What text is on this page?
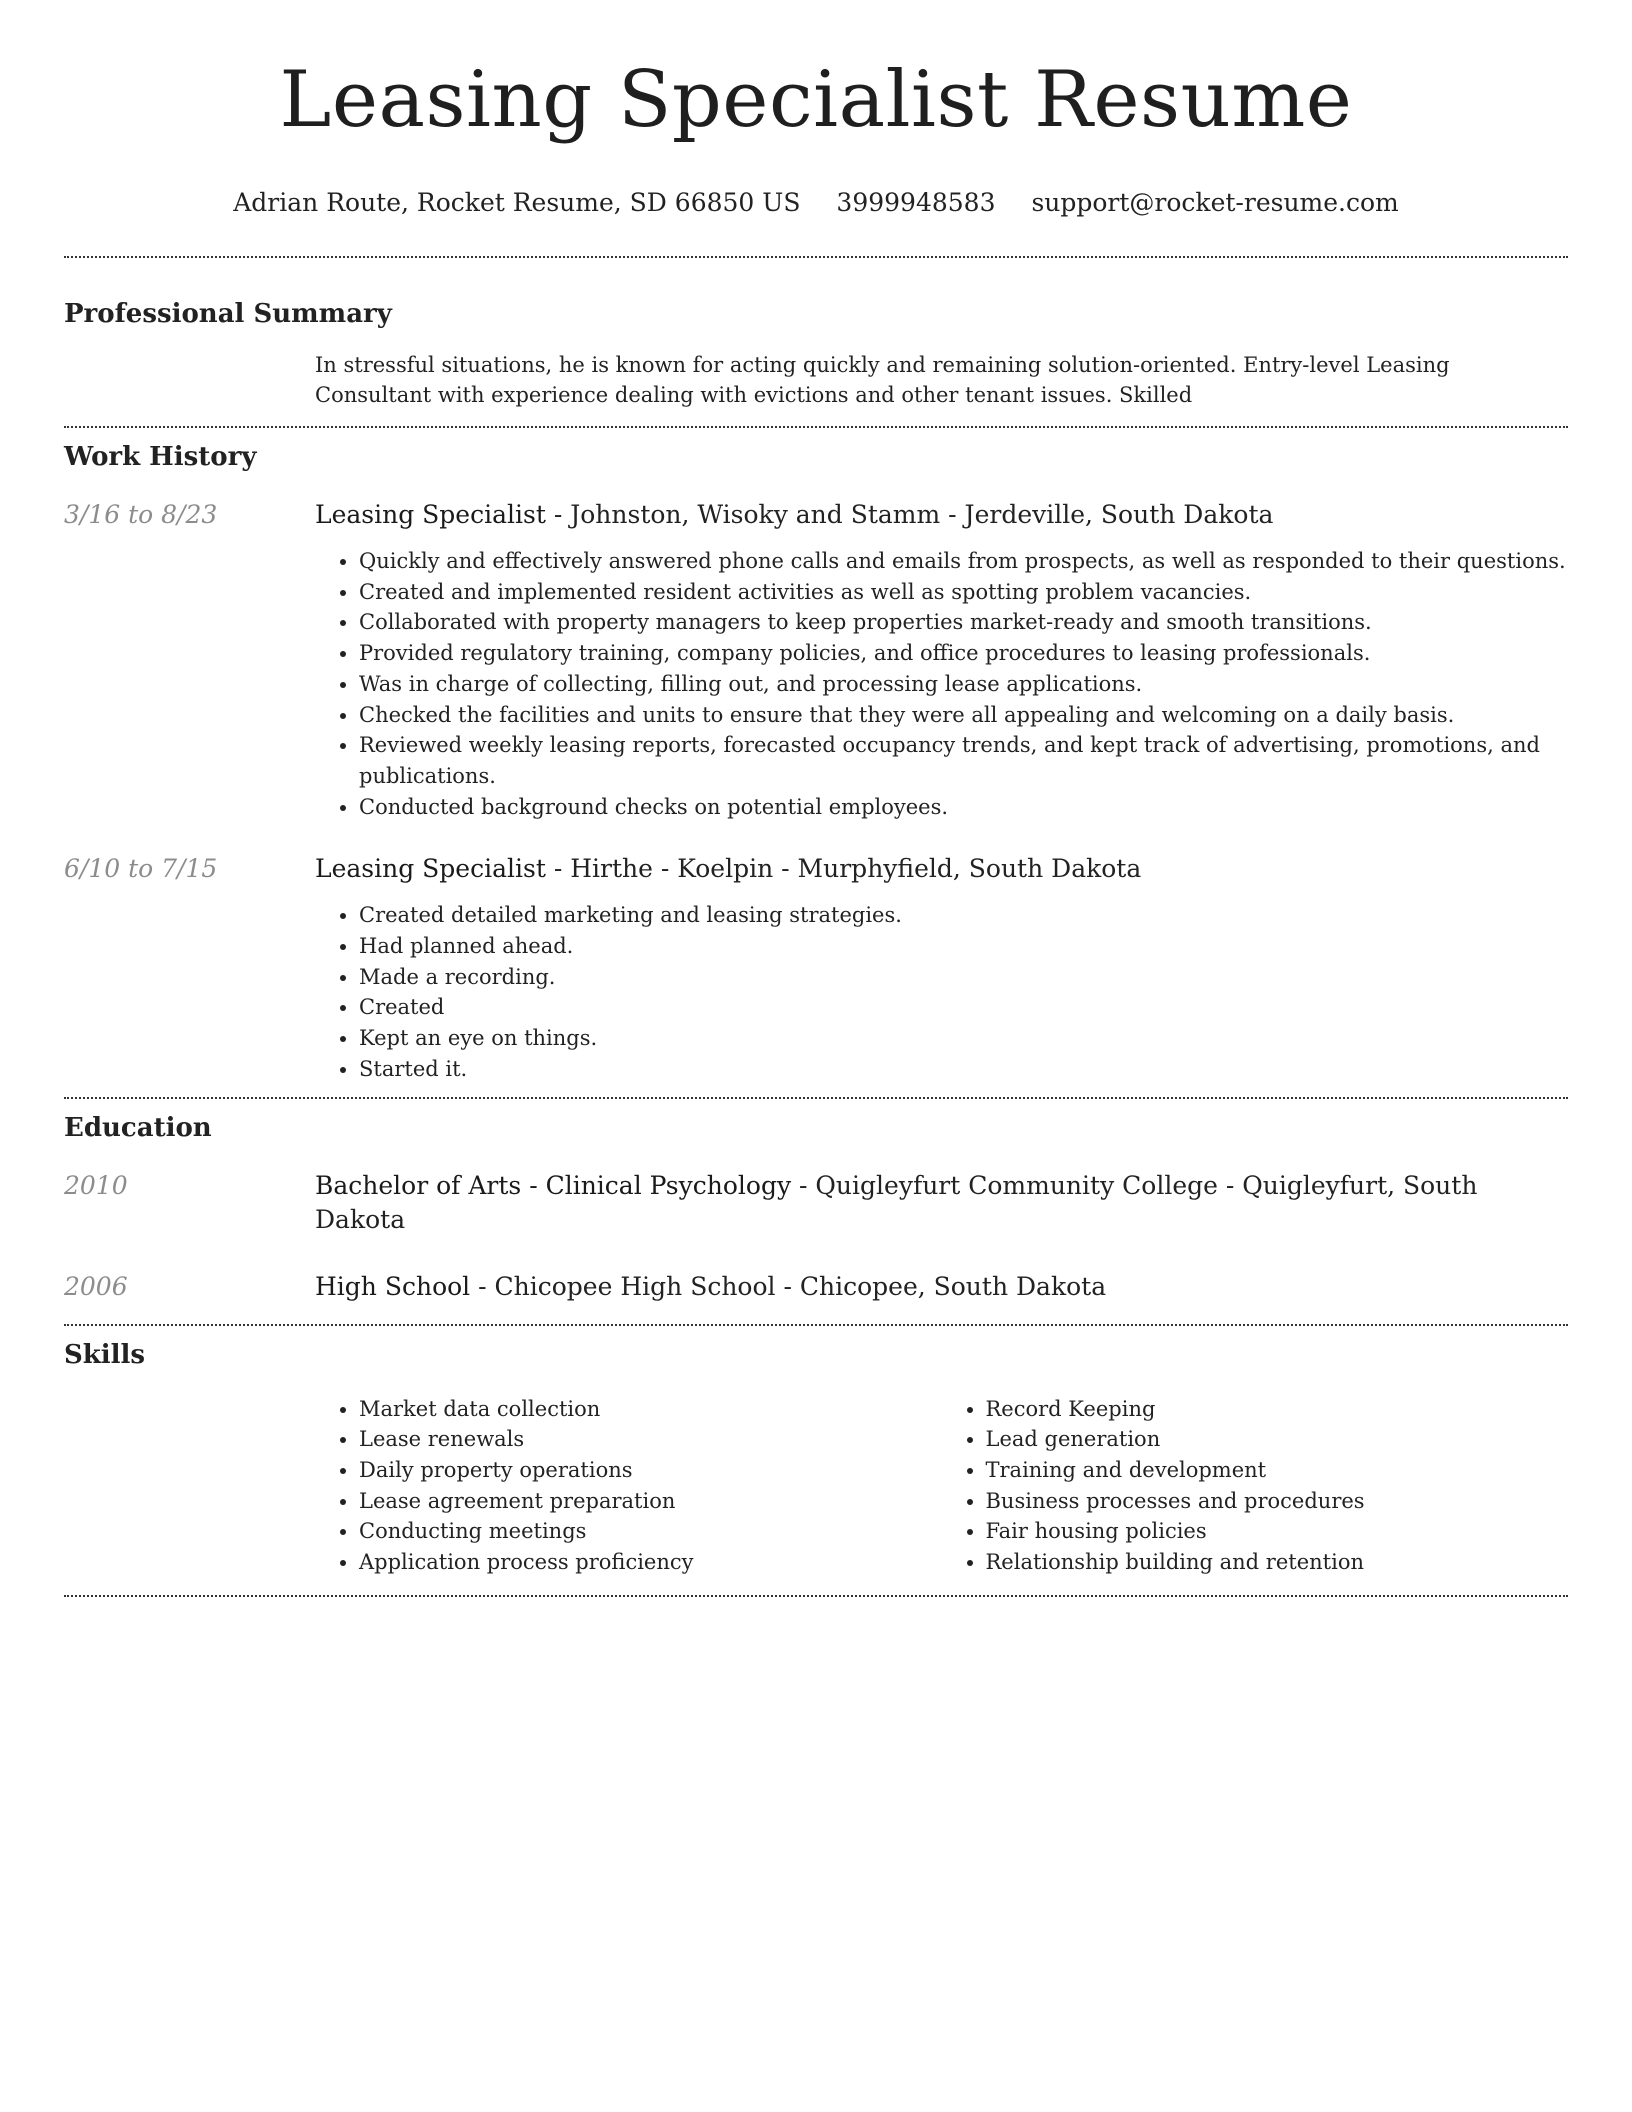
Leasing Specialist Resume
Adrian Route, Rocket Resume, SD 66850 US 3999948583 support@rocket-resume.com
Professional Summary
In stressful situations, he is known for acting quickly and remaining solution-oriented. Entry-level Leasing Consultant with experience dealing with evictions and other tenant issues. Skilled
Work History
3/16 to 8/23	Leasing Specialist - Johnston, Wisoky and Stamm - Jerdeville, South Dakota
• Quickly and effectively answered phone calls and emails from prospects, as well as responded to their questions.
• Created and implemented resident activities as well as spotting problem vacancies.
• Collaborated with property managers to keep properties market-ready and smooth transitions.
• Provided regulatory training, company policies, and office procedures to leasing professionals.
• Was in charge of collecting, filling out, and processing lease applications.
• Checked the facilities and units to ensure that they were all appealing and welcoming on a daily basis.
• Reviewed weekly leasing reports, forecasted occupancy trends, and kept track of advertising, promotions, and publications.
• Conducted background checks on potential employees.
6/10 to 7/15	Leasing Specialist - Hirthe - Koelpin - Murphyfield, South Dakota
• Created detailed marketing and leasing strategies.
• Had planned ahead.
• Made a recording.
• Created
• Kept an eye on things.
• Started it.
Education
2010	Bachelor of Arts - Clinical Psychology - Quigleyfurt Community College - Quigleyfurt, South Dakota
2006	High School - Chicopee High School - Chicopee, South Dakota
Skills
• Market data collection
• Lease renewals
• Daily property operations
• Lease agreement preparation
• Conducting meetings
• Application process proficiency
• Record Keeping
• Lead generation
• Training and development
• Business processes and procedures
• Fair housing policies
• Relationship building and retention
